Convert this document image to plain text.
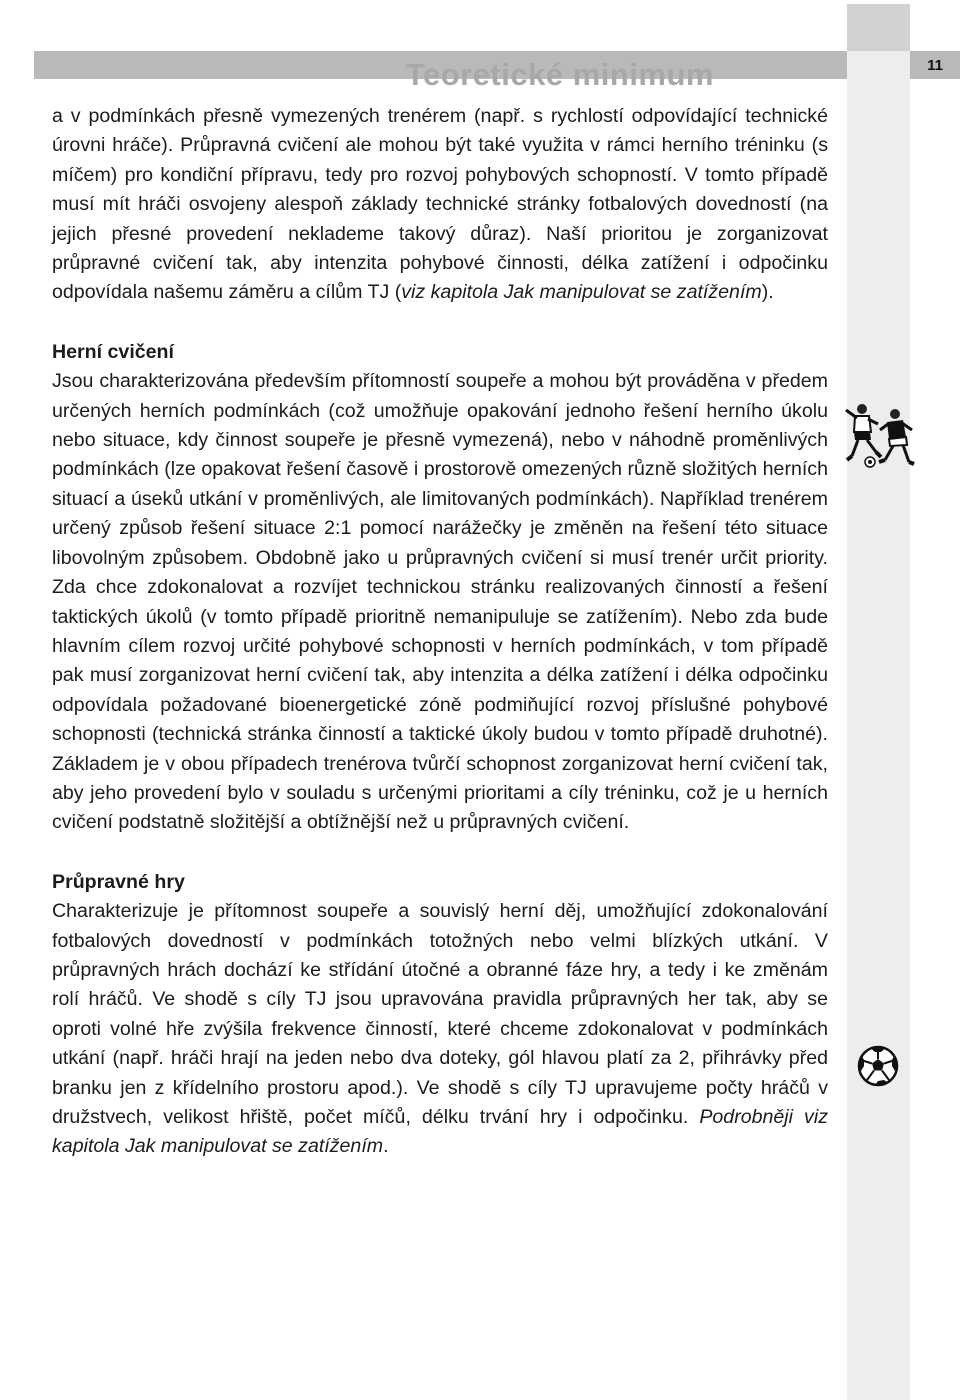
Teoretické minimum	11

a v podmínkách přesně vymezených trenérem (např. s rychlostí odpovídající technické úrovni hráče). Průpravná cvičení ale mohou být také využita v rámci herního tréninku (s míčem) pro kondiční přípravu, tedy pro rozvoj pohybových schopností. V tomto případě musí mít hráči osvojeny alespoň základy technické stránky fotbalových dovedností (na jejich přesné provedení neklademe takový důraz). Naší prioritou je zorganizovat průpravné cvičení tak, aby intenzita pohybové činnosti, délka zatížení i odpočinku odpovídala našemu záměru a cílům TJ (viz kapitola Jak manipulovat se zatížením).

Herní cvičení

Jsou charakterizována především přítomností soupeře a mohou být prováděna v předem určených herních podmínkách (což umožňuje opakování jednoho řešení herního úkolu nebo situace, kdy činnost soupeře je přesně vymezená), nebo v náhodně proměnlivých podmínkách (lze opakovat řešení časově i prostorově omezených různě složitých herních situací a úseků utkání v proměnlivých, ale limitovaných podmínkách). Například trenérem určený způsob řešení situace 2:1 pomocí narážečky je změněn na řešení této situace libovolným způsobem. Obdobně jako u průpravných cvičení si musí trenér určit priority. Zda chce zdokonalovat a rozvíjet technickou stránku realizovaných činností a řešení taktických úkolů (v tomto případě prioritně nemanipuluje se zatížením). Nebo zda bude hlavním cílem rozvoj určité pohybové schopnosti v herních podmínkách, v tom případě pak musí zorganizovat herní cvičení tak, aby intenzita a délka zatížení i délka odpočinku odpovídala požadované bioenergetické zóně podmiňující rozvoj příslušné pohybové schopnosti (technická stránka činností a taktické úkoly budou v tomto případě druhotné). Základem je v obou případech trenérova tvůrčí schopnost zorganizovat herní cvičení tak, aby jeho provedení bylo v souladu s určenými prioritami a cíly tréninku, což je u herních cvičení podstatně složitější a obtížnější než u průpravných cvičení.

Průpravné hry

Charakterizuje je přítomnost soupeře a souvislý herní děj, umožňující zdokonalování fotbalových dovedností v podmínkách totožných nebo velmi blízkých utkání. V průpravných hrách dochází ke střídání útočné a obranné fáze hry, a tedy i ke změnám rolí hráčů. Ve shodě s cíly TJ jsou upravována pravidla průpravných her tak, aby se oproti volné hře zvýšila frekvence činností, které chceme zdokonalovat v podmínkách utkání (např. hráči hrají na jeden nebo dva doteky, gól hlavou platí za 2, přihrávky před branku jen z křídelního prostoru apod.). Ve shodě s cíly TJ upravujeme počty hráčů v družstvech, velikost hřiště, počet míčů, délku trvání hry i odpočinku. Podrobněji viz kapitola Jak manipulovat se zatížením.
